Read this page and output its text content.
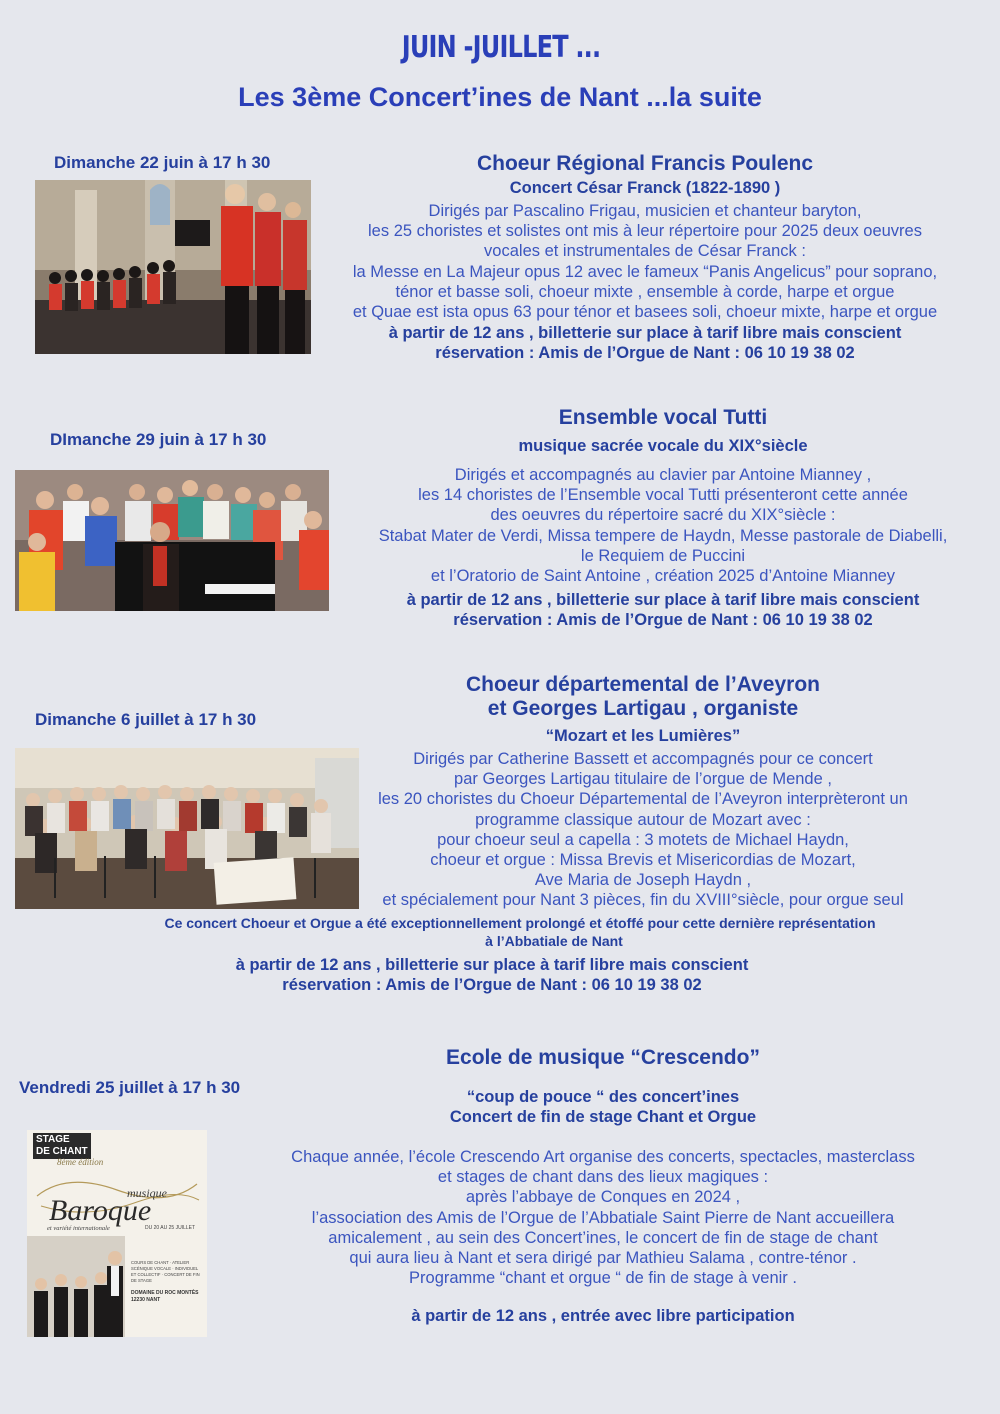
JUIN -JUILLET ...
Les 3ème Concert’ines de Nant ...la suite
Dimanche 22 juin à 17 h 30	Choeur Régional Francis Poulenc
Concert César Franck (1822-1890 )
Dirigés par Pascalino Frigau, musicien et chanteur baryton,
les 25 choristes et solistes ont mis à leur répertoire pour 2025 deux oeuvres
vocales et instrumentales de César Franck :
la Messe en La Majeur opus 12 avec le fameux “Panis Angelicus” pour soprano,
ténor et basse soli, choeur mixte , ensemble à corde, harpe et orgue
et Quae est ista opus 63 pour ténor et basees soli, choeur mixte, harpe et orgue
à partir de 12 ans , billetterie sur place à tarif libre mais conscient
réservation : Amis de l’Orgue de Nant : 06 10 19 38 02
DImanche 29 juin à 17 h 30
Ensemble vocal Tutti
musique sacrée vocale du XIX°siècle
Dirigés et accompagnés au clavier par Antoine Mianney ,
les 14 choristes de l’Ensemble vocal Tutti présenteront cette année
des oeuvres du répertoire sacré du XIX°siècle :
Stabat Mater de Verdi, Missa tempere de Haydn, Messe pastorale de Diabelli,
le Requiem de Puccini
et l’Oratorio de Saint Antoine , création 2025 d’Antoine Mianney
à partir de 12 ans , billetterie sur place à tarif libre mais conscient
réservation : Amis de l’Orgue de Nant : 06 10 19 38 02
Dimanche 6 juillet à 17 h 30
Choeur départemental de l’Aveyron
et Georges Lartigau , organiste
“Mozart et les Lumières”
Dirigés par Catherine Bassett et accompagnés pour ce concert
par Georges Lartigau titulaire de l’orgue de Mende ,
les 20 choristes du Choeur Départemental de l’Aveyron interprèteront un
programme classique autour de Mozart avec :
pour choeur seul a capella : 3 motets de Michael Haydn,
choeur et orgue : Missa Brevis et Misericordias de Mozart,
Ave Maria de Joseph Haydn ,
et spécialement pour Nant 3 pièces, fin du XVIII°siècle, pour orgue seul
Ce concert Choeur et Orgue a été exceptionnellement prolongé et étoffé pour cette dernière représentation
à l’Abbatiale de Nant
à partir de 12 ans , billetterie sur place à tarif libre mais conscient
réservation : Amis de l’Orgue de Nant : 06 10 19 38 02
Vendredi 25 juillet à 17 h 30
STAGE
DE CHANT
8ème édition
musique
Baroque
et variété internationale	DU 20 AU 25 JUILLET
COURS DE CHANT · ATELIER SCÉNIQUE VOCALE · INDIVIDUEL ET COLLECTIF · CONCERT DE FIN DE STAGE
DOMAINE DU ROC MONTÈS
12230 NANT
Ecole de musique “Crescendo”
“coup de pouce “ des concert’ines
Concert de fin de stage Chant et Orgue
Chaque année, l’école Crescendo Art organise des concerts, spectacles, masterclass
et stages de chant dans des lieux magiques :
après l’abbaye de Conques en 2024 ,
l’association des Amis de l’Orgue de l’Abbatiale Saint Pierre de Nant accueillera
amicalement , au sein des Concert’ines, le concert de fin de stage de chant
qui aura lieu à Nant et sera dirigé par Mathieu Salama , contre-ténor .
Programme “chant et orgue “ de fin de stage à venir .
à partir de 12 ans , entrée avec libre participation
